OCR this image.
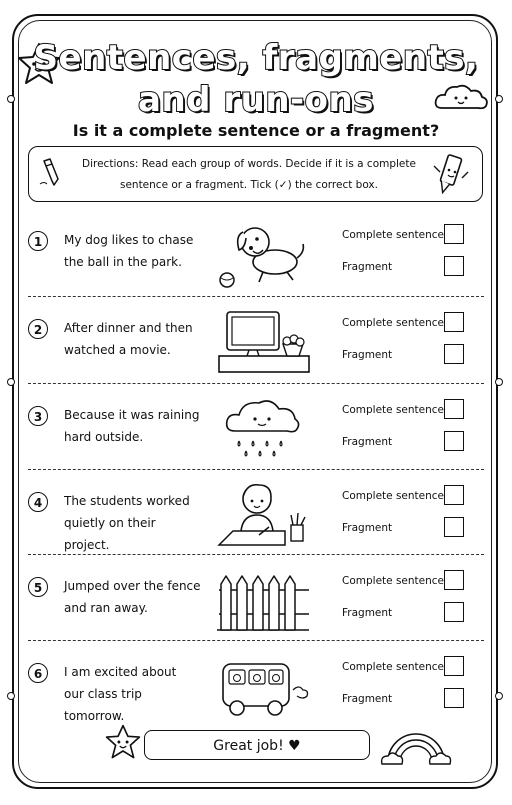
Sentences, fragments,
and run-ons
Is it a complete sentence or a fragment?
Directions: Read each group of words. Decide if it is a complete
sentence or a fragment. Tick (✓) the correct box.
1	My dog likes to chase
the ball in the park.
Complete sentence
Fragment
2	After dinner and then
watched a movie.
Complete sentence
Fragment
3	Because it was raining
hard outside.
Complete sentence
Fragment
4	The students worked
quietly on their project.
Complete sentence
Fragment
5	Jumped over the fence
and ran away.
Complete sentence
Fragment
6	I am excited about
our class trip tomorrow.
Complete sentence
Fragment
Great job! ♥
